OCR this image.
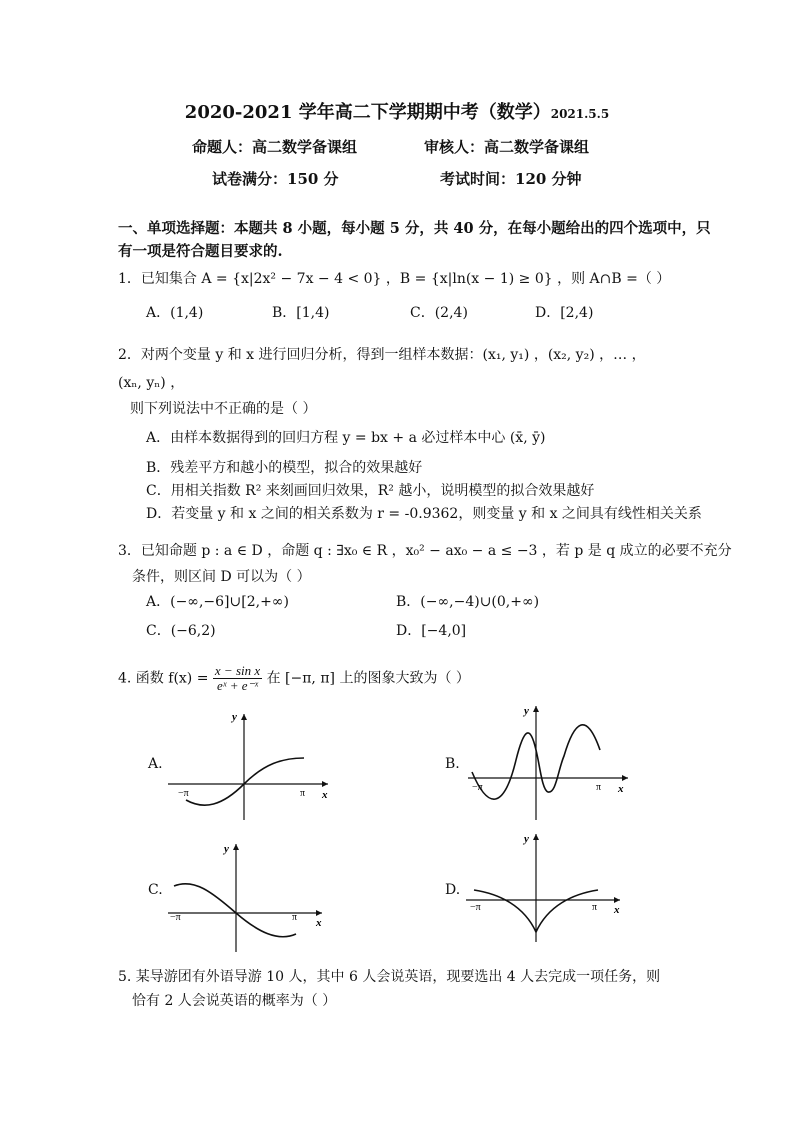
2020-2021 学年高二下学期期中考（数学）2021.5.5
命题人：高二数学备课组	审核人：高二数学备课组
试卷满分：150 分	考试时间：120 分钟
一、单项选择题：本题共 8 小题，每小题 5 分，共 40 分，在每小题给出的四个选项中，只
有一项是符合题目要求的.
1．已知集合 A = {x|2x² − 7x − 4 < 0} ，B = {x|ln(x − 1) ≥ 0} ，则 A∩B =（ ）
A．(1,4)	B．[1,4)	C．(2,4)	D．[2,4)
2．对两个变量 y 和 x 进行回归分析，得到一组样本数据：(x₁, y₁) ，(x₂, y₂) ，… ，
(xₙ, yₙ) ，
则下列说法中不正确的是（ ）
A．由样本数据得到的回归方程 y = bx + a 必过样本中心 (x̄, ȳ)
B．残差平方和越小的模型，拟合的效果越好
C．用相关指数 R² 来刻画回归效果，R² 越小，说明模型的拟合效果越好
D．若变量 y 和 x 之间的相关系数为 r = -0.9362，则变量 y 和 x 之间具有线性相关关系
3．已知命题 p : a ∈ D ，命题 q : ∃x₀ ∈ R ，x₀² − ax₀ − a ≤ −3 ，若 p 是 q 成立的必要不充分
条件，则区间 D 可以为（ ）
A．(−∞,−6]∪[2,+∞)	B．(−∞,−4)∪(0,+∞)
C．(−6,2)	D．[−4,0]
4. 函数 $f(x) = \frac{\text{x − sin x}}{\text{eˣ + e⁻ˣ}}$ 在 [−π, π] 上的图象大致为（ ）
A.
y
x
−π	π
B.
y
x
−π	π
C.
y
x
−π	π
D.
y
x
−π	π
5. 某导游团有外语导游 10 人，其中 6 人会说英语，现要选出 4 人去完成一项任务，则
恰有 2 人会说英语的概率为（ ）
